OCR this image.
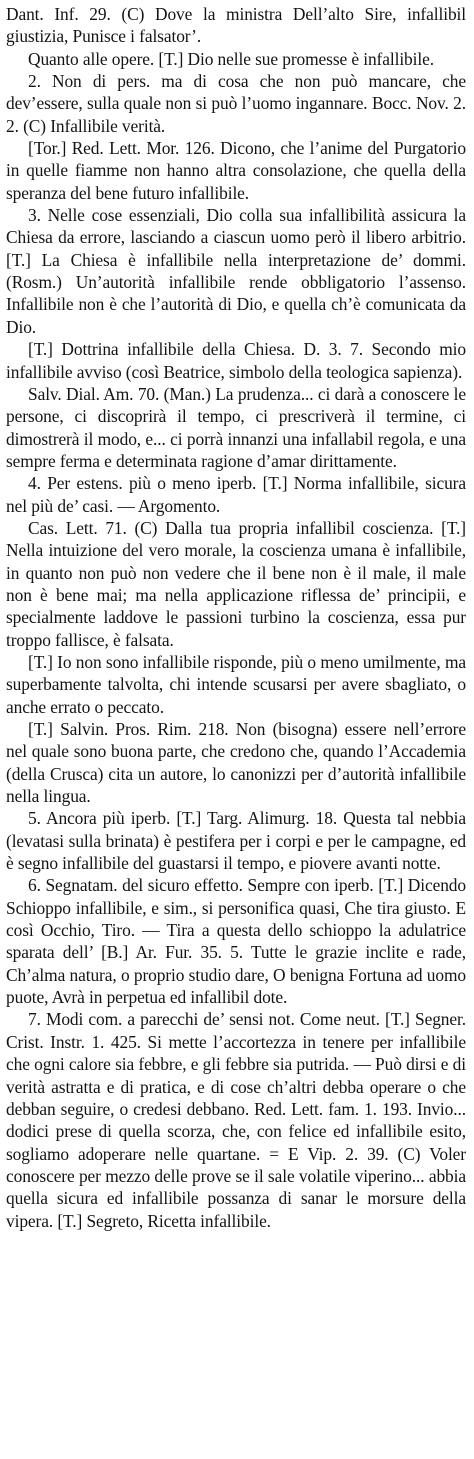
Dant. Inf. 29. (C) Dove la ministra Dell’alto Sire, infallibil giustizia, Punisce i falsator’.

Quanto alle opere. [T.] Dio nelle sue promesse è infallibile.

2. Non di pers. ma di cosa che non può mancare, che dev’essere, sulla quale non si può l’uomo ingannare. Bocc. Nov. 2. 2. (C) Infallibile verità.

[Tor.] Red. Lett. Mor. 126. Dicono, che l’anime del Purgatorio in quelle fiamme non hanno altra consolazione, che quella della speranza del bene futuro infallibile.

3. Nelle cose essenziali, Dio colla sua infallibilità assicura la Chiesa da errore, lasciando a ciascun uomo però il libero arbitrio. [T.] La Chiesa è infallibile nella interpretazione de’ dommi. (Rosm.) Un’autorità infallibile rende obbligatorio l’assenso. Infallibile non è che l’autorità di Dio, e quella ch’è comunicata da Dio.

[T.] Dottrina infallibile della Chiesa. D. 3. 7. Secondo mio infallibile avviso (così Beatrice, simbolo della teologica sapienza).

Salv. Dial. Am. 70. (Man.) La prudenza... ci darà a conoscere le persone, ci discoprirà il tempo, ci prescriverà il termine, ci dimostrerà il modo, e... ci porrà innanzi una infallabil regola, e una sempre ferma e determinata ragione d’amar dirittamente.

4. Per estens. più o meno iperb. [T.] Norma infallibile, sicura nel più de’ casi. — Argomento.

Cas. Lett. 71. (C) Dalla tua propria infallibil coscienza. [T.] Nella intuizione del vero morale, la coscienza umana è infallibile, in quanto non può non vedere che il bene non è il male, il male non è bene mai; ma nella applicazione riflessa de’ principii, e specialmente laddove le passioni turbino la coscienza, essa pur troppo fallisce, è falsata.

[T.] Io non sono infallibile risponde, più o meno umilmente, ma superbamente talvolta, chi intende scusarsi per avere sbagliato, o anche errato o peccato.

[T.] Salvin. Pros. Rim. 218. Non (bisogna) essere nell’errore nel quale sono buona parte, che credono che, quando l’Accademia (della Crusca) cita un autore, lo canonizzi per d’autorità infallibile nella lingua.

5. Ancora più iperb. [T.] Targ. Alimurg. 18. Questa tal nebbia (levatasi sulla brinata) è pestifera per i corpi e per le campagne, ed è segno infallibile del guastarsi il tempo, e piovere avanti notte.

6. Segnatam. del sicuro effetto. Sempre con iperb. [T.] Dicendo Schioppo infallibile, e sim., si personifica quasi, Che tira giusto. E così Occhio, Tiro. — Tira a questa dello schioppo la adulatrice sparata dell’ [B.] Ar. Fur. 35. 5. Tutte le grazie inclite e rade, Ch’alma natura, o proprio studio dare, O benigna Fortuna ad uomo puote, Avrà in perpetua ed infallibil dote.

7. Modi com. a parecchi de’ sensi not. Come neut. [T.] Segner. Crist. Instr. 1. 425. Si mette l’accortezza in tenere per infallibile che ogni calore sia febbre, e gli febbre sia putrida. — Può dirsi e di verità astratta e di pratica, e di cose ch’altri debba operare o che debban seguire, o credesi debbano. Red. Lett. fam. 1. 193. Invio... dodici prese di quella scorza, che, con felice ed infallibile esito, sogliamo adoperare nelle quartane. = E Vip. 2. 39. (C) Voler conoscere per mezzo delle prove se il sale volatile viperino... abbia quella sicura ed infallibile possanza di sanar le morsure della vipera. [T.] Segreto, Ricetta infallibile.
